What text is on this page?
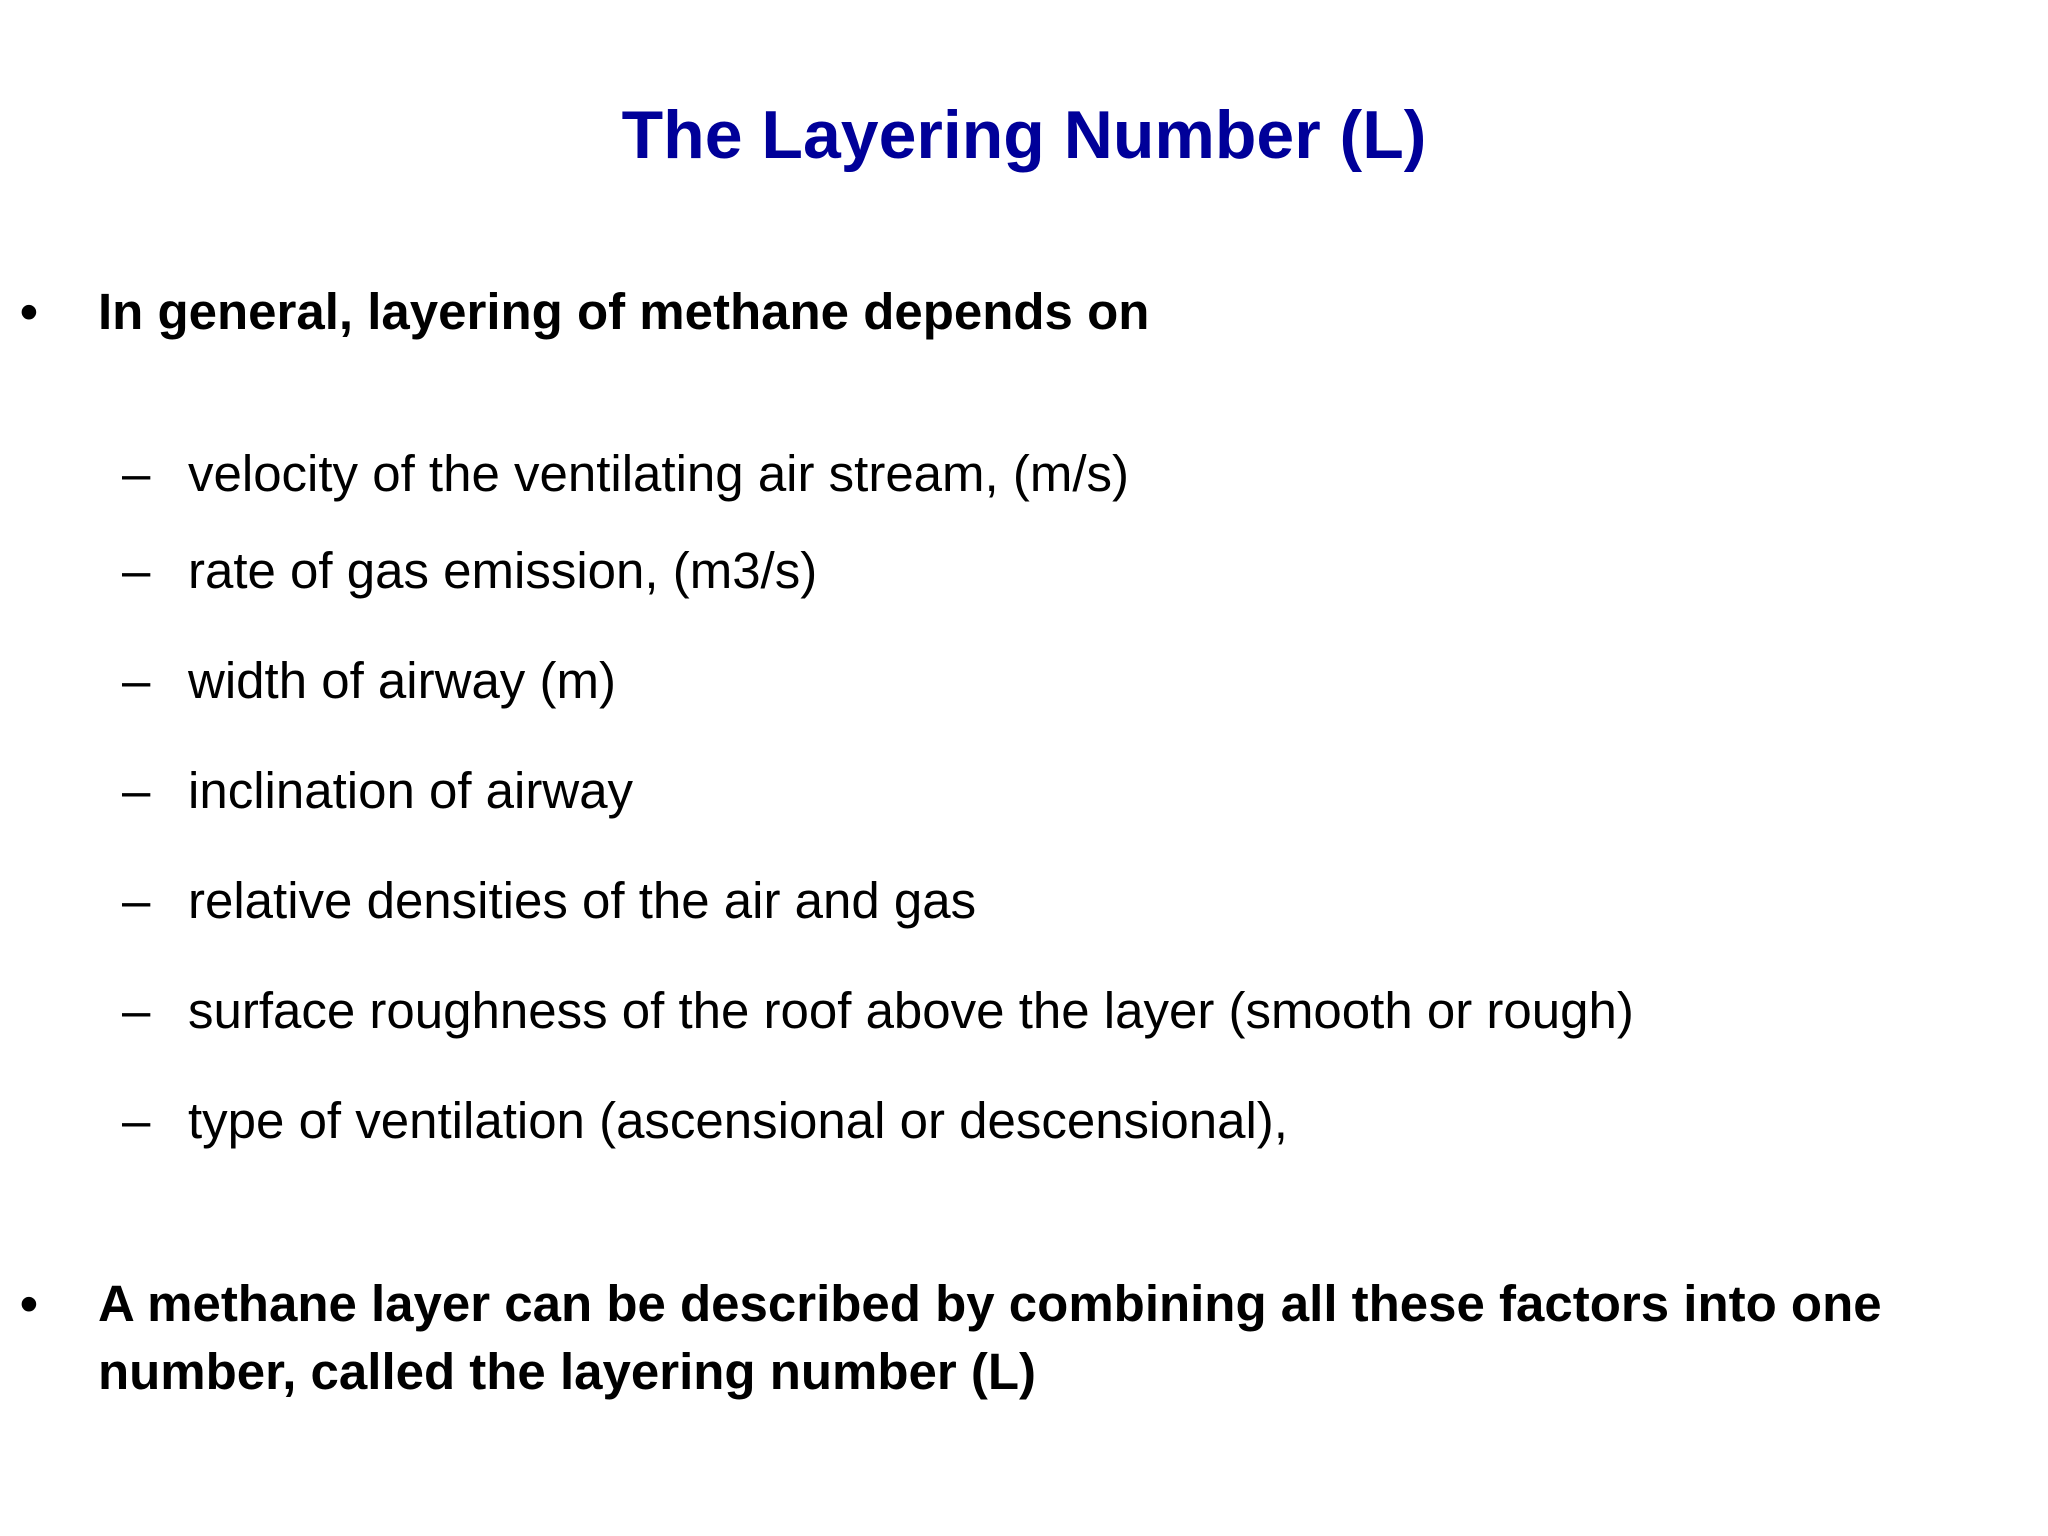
The Layering Number (L)
•	In general, layering of methane depends on
– velocity of the ventilating air stream, (m/s)
– rate of gas emission, (m3/s)
– width of airway (m)
– inclination of airway
– relative densities of the air and gas
– surface roughness of the roof above the layer (smooth or rough)
– type of ventilation (ascensional or descensional),
•	A methane layer can be described by combining all these factors into one number, called the layering number (L)
